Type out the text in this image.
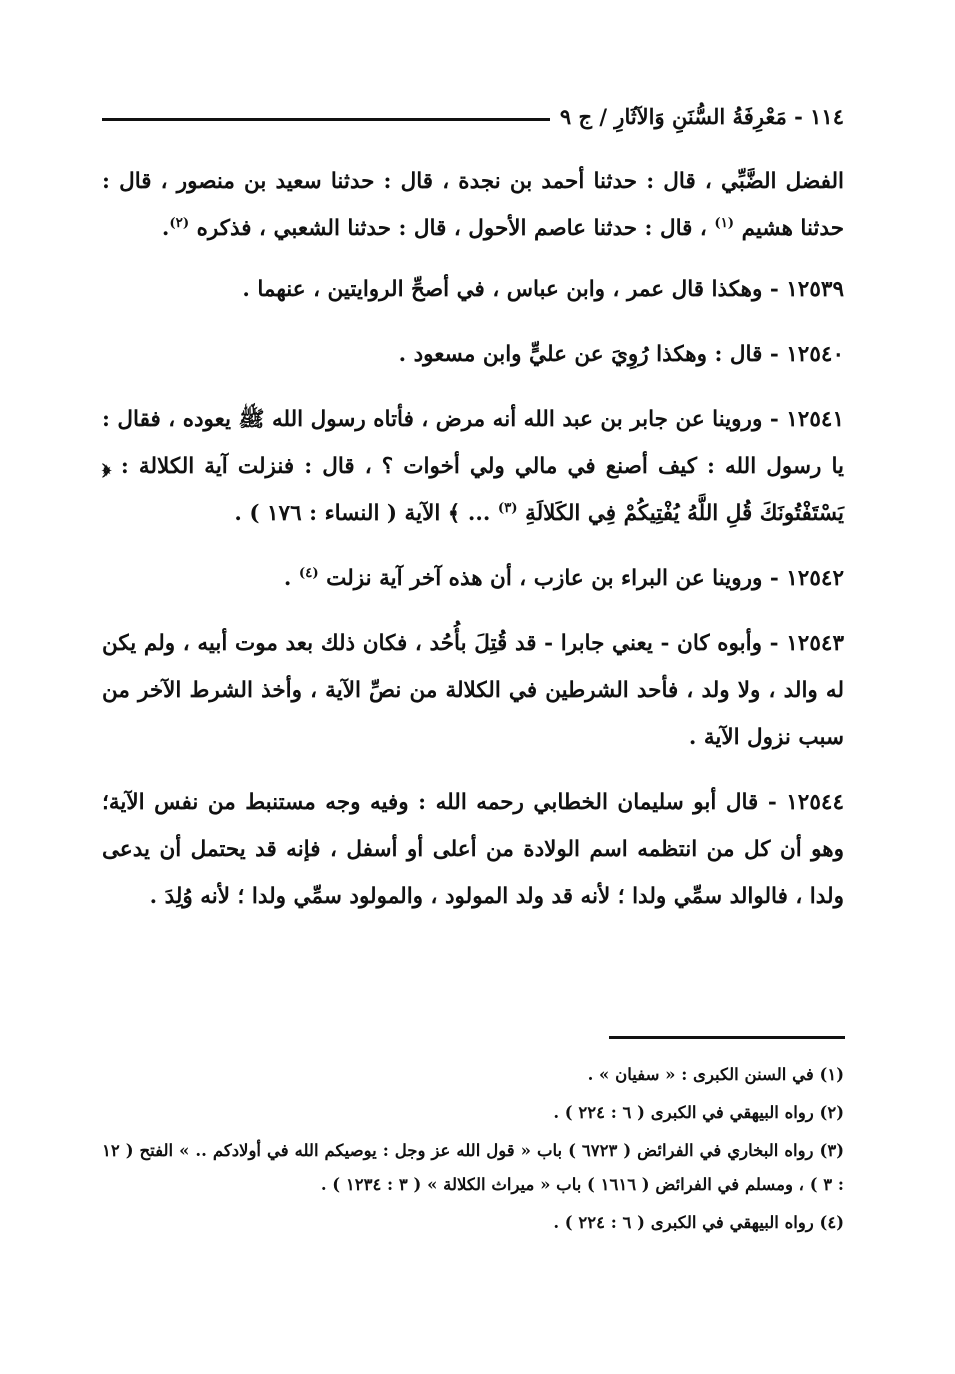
١١٤ - مَعْرِفَةُ السُّنَنِ وَالآثَارِ / ج ٩

الفضل الضَّبِّي ، قال : حدثنا أحمد بن نجدة ، قال : حدثنا سعيد بن منصور ، قال : حدثنا هشيم $^{(١)}$ ، قال : حدثنا عاصم الأحول ، قال : حدثنا الشعبي ، فذكره $^{(٢)}$.

١٢٥٣٩ - وهكذا قال عمر ، وابن عباس ، في أصحِّ الروايتين ، عنهما .

١٢٥٤٠ - قال : وهكذا رُوِيَ عن عليٍّ وابن مسعود .

١٢٥٤١ - وروينا عن جابر بن عبد الله أنه مرض ، فأتاه رسول الله ﷺ يعوده ، فقال : يا رسول الله : كيف أصنع في مالي ولي أخوات ؟ ، قال : فنزلت آية الكلالة : ﴿ يَسْتَفْتُونَكَ قُلِ اللَّهُ يُفْتِيكُمْ فِي الكَلالَةِ $^{(٣)}$ ... ﴾ الآية ( النساء : ١٧٦ ) .

١٢٥٤٢ - وروينا عن البراء بن عازب ، أن هذه آخر آية نزلت $^{(٤)}$ .

١٢٥٤٣ - وأبوه كان - يعني جابرا - قد قُتِلَ بأُحُد ، فكان ذلك بعد موت أبيه ، ولم يكن له والد ، ولا ولد ، فأحد الشرطين في الكلالة من نصِّ الآية ، وأخذ الشرط الآخر من سبب نزول الآية .

١٢٥٤٤ - قال أبو سليمان الخطابي رحمه الله : وفيه وجه مستنبط من نفس الآية؛ وهو أن كل من انتظمه اسم الولادة من أعلى أو أسفل ، فإنه قد يحتمل أن يدعى ولدا ، فالوالد سمِّي ولدا ؛ لأنه قد ولد المولود ، والمولود سمِّي ولدا ؛ لأنه وُلِدَ .

(١) في السنن الكبرى : « سفيان » .

(٢) رواه البيهقي في الكبرى ( ٦ : ٢٢٤ ) .

(٣) رواه البخاري في الفرائض ( ٦٧٢٣ ) باب « قول الله عز وجل : يوصيكم الله في أولادكم .. » الفتح ( ١٢ : ٣ ) ، ومسلم في الفرائض ( ١٦١٦ ) باب « ميراث الكلالة » ( ٣ : ١٢٣٤ ) .

(٤) رواه البيهقي في الكبرى ( ٦ : ٢٢٤ ) .
